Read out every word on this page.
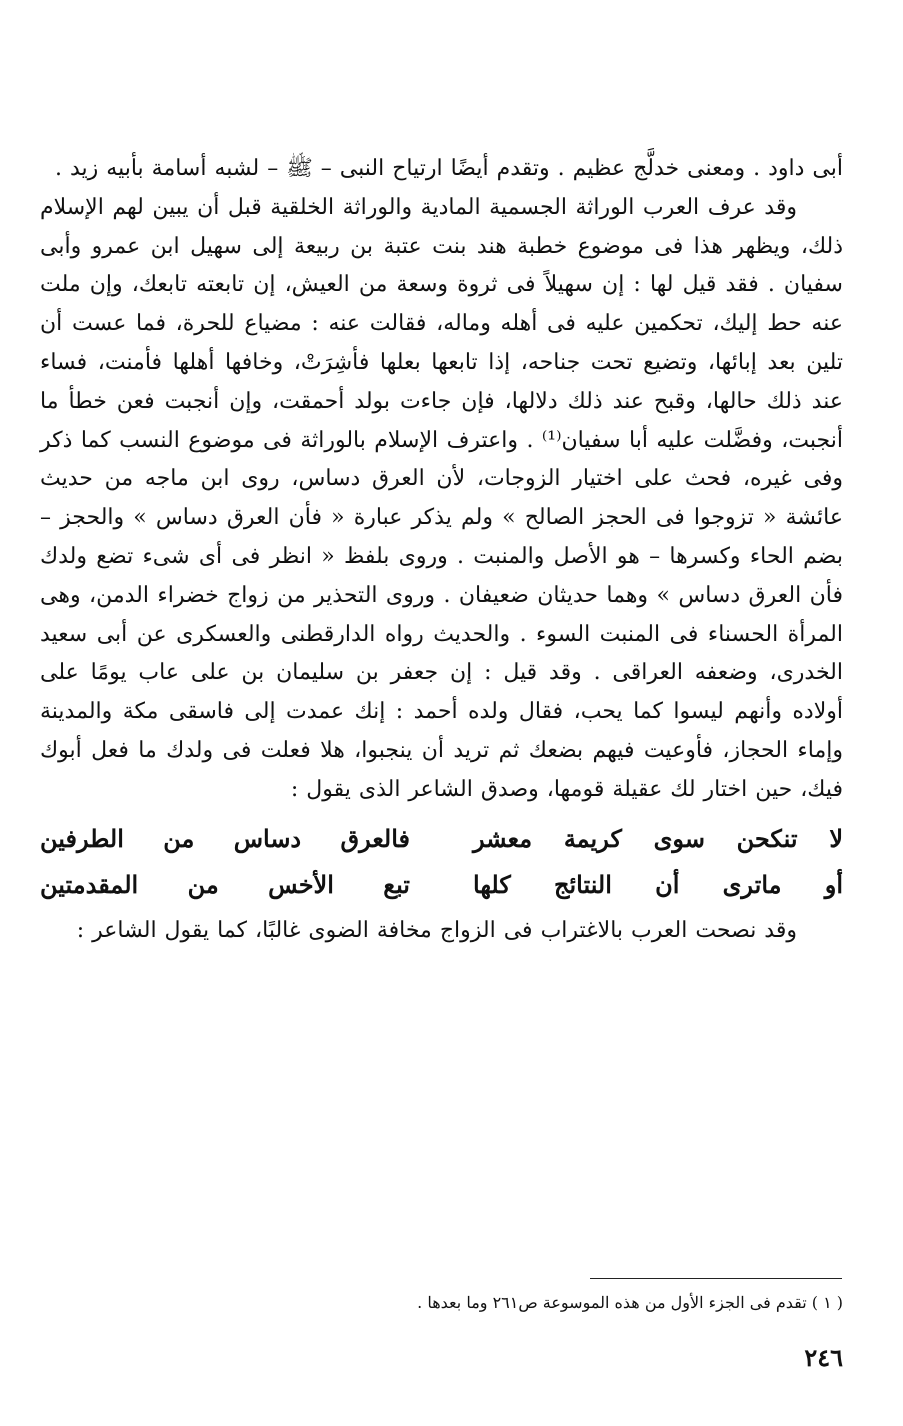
أبى داود . ومعنى خدلَّج عظيم . وتقدم أيضًا ارتياح النبى – ﷺ – لشبه أسامة بأبيه زيد .

وقد عرف العرب الوراثة الجسمية المادية والوراثة الخلقية قبل أن يبين لهم الإسلام ذلك، ويظهر هذا فى موضوع خطبة هند بنت عتبة بن ربيعة إلى سهيل ابن عمرو وأبى سفيان . فقد قيل لها : إن سهيلاً فى ثروة وسعة من العيش، إن تابعته تابعك، وإن ملت عنه حط إليك، تحكمين عليه فى أهله وماله، فقالت عنه : مضياع للحرة، فما عست أن تلين بعد إبائها، وتضيع تحت جناحه، إذا تابعها بعلها فأشِرَتْ، وخافها أهلها فأمنت، فساء عند ذلك حالها، وقبح عند ذلك دلالها، فإن جاءت بولد أحمقت، وإن أنجبت فعن خطأ ما أنجبت، وفضَّلت عليه أبا سفيان⁽¹⁾ . واعترف الإسلام بالوراثة فى موضوع النسب كما ذكر وفى غيره، فحث على اختيار الزوجات، لأن العرق دساس، روى ابن ماجه من حديث عائشة « تزوجوا فى الحجز الصالح » ولم يذكر عبارة « فأن العرق دساس » والحجز – بضم الحاء وكسرها – هو الأصل والمنبت . وروى بلفظ « انظر فى أى شىء تضع ولدك فأن العرق دساس » وهما حديثان ضعيفان . وروى التحذير من زواج خضراء الدمن، وهى المرأة الحسناء فى المنبت السوء . والحديث رواه الدارقطنى والعسكرى عن أبى سعيد الخدرى، وضعفه العراقى . وقد قيل : إن جعفر بن سليمان بن على عاب يومًا على أولاده وأنهم ليسوا كما يحب، فقال ولده أحمد : إنك عمدت إلى فاسقى مكة والمدينة وإماء الحجاز، فأوعيت فيهم بضعك ثم تريد أن ينجبوا، هلا فعلت فى ولدك ما فعل أبوك فيك، حين اختار لك عقيلة قومها، وصدق الشاعر الذى يقول :

لا تنكحن سوى كريمة معشر
فالعرق دساس من الطرفين
أو ماترى أن النتائج كلها
تبع الأخس من المقدمتين

وقد نصحت العرب بالاغتراب فى الزواج مخافة الضوى غالبًا، كما يقول الشاعر :

( ١ ) تقدم فى الجزء الأول من هذه الموسوعة ص٢٦١ وما بعدها .
٢٤٦
